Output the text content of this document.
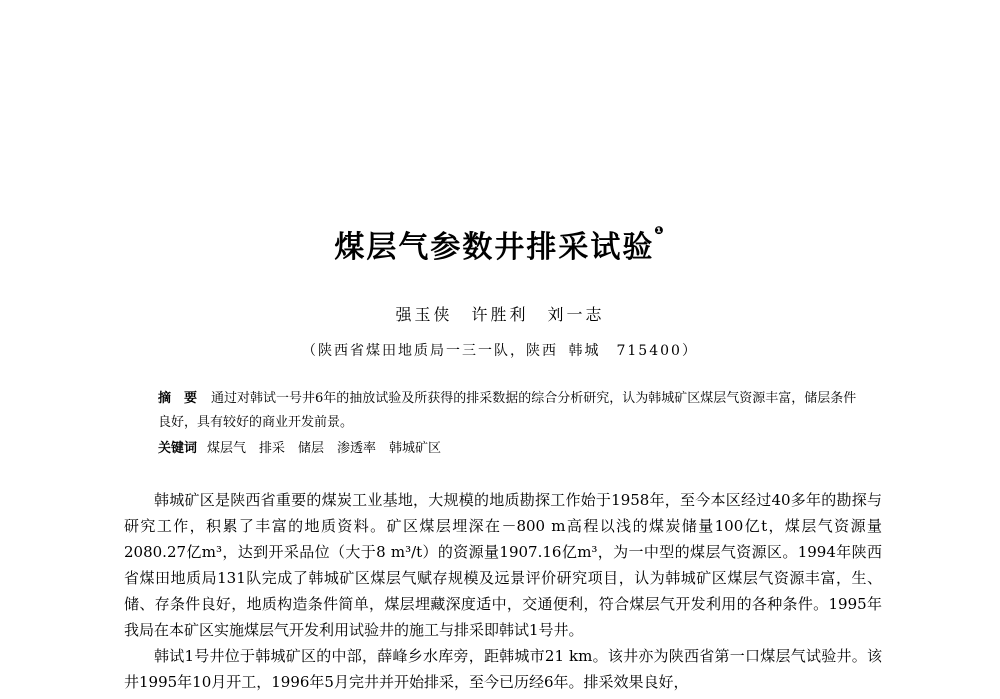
煤层气参数井排采试验$^❶$
强玉侠　许胜利　刘一志
（陕西省煤田地质局一三一队，陕西 韩城　715400）
摘　要 通过对韩试一号井6年的抽放试验及所获得的排采数据的综合分析研究，认为韩城矿区煤层气资源丰富，储层条件良好，具有较好的商业开发前景。
关键词 煤层气　排采　储层　渗透率　韩城矿区

韩城矿区是陕西省重要的煤炭工业基地，大规模的地质勘探工作始于1958年，至今本区经过40多年的勘探与研究工作，积累了丰富的地质资料。矿区煤层埋深在－800 m高程以浅的煤炭储量100亿t，煤层气资源量2080.27亿m³，达到开采品位（大于8 m³/t）的资源量1907.16亿m³，为一中型的煤层气资源区。1994年陕西省煤田地质局131队完成了韩城矿区煤层气赋存规模及远景评价研究项目，认为韩城矿区煤层气资源丰富，生、储、存条件良好，地质构造条件简单，煤层埋藏深度适中，交通便利，符合煤层气开发利用的各种条件。1995年我局在本矿区实施煤层气开发利用试验井的施工与排采即韩试1号井。

韩试1号井位于韩城矿区的中部，薛峰乡水库旁，距韩城市21 km。该井亦为陕西省第一口煤层气试验井。该井1995年10月开工，1996年5月完井并开始排采，至今已历经6年。排采效果良好，
